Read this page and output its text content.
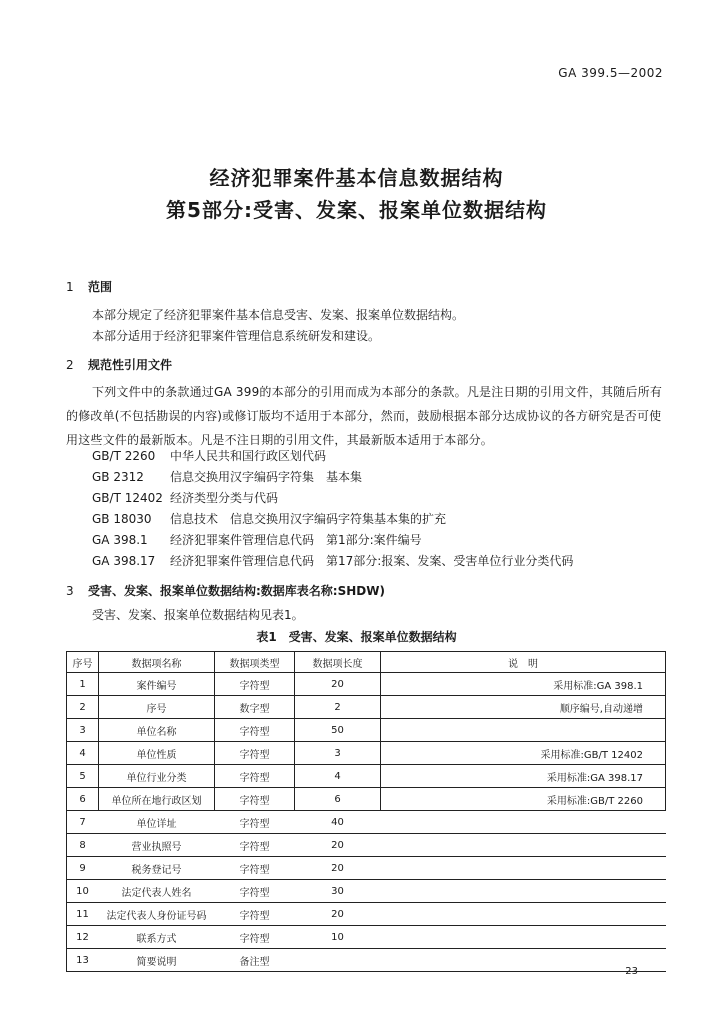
GA 399.5—2002
经济犯罪案件基本信息数据结构
第5部分:受害、发案、报案单位数据结构
1 范围
本部分规定了经济犯罪案件基本信息受害、发案、报案单位数据结构。
本部分适用于经济犯罪案件管理信息系统研发和建设。
2 规范性引用文件
下列文件中的条款通过GA 399的本部分的引用而成为本部分的条款。凡是注日期的引用文件，其随后所有的修改单(不包括勘误的内容)或修订版均不适用于本部分，然而，鼓励根据本部分达成协议的各方研究是否可使用这些文件的最新版本。凡是不注日期的引用文件，其最新版本适用于本部分。
GB/T 2260 中华人民共和国行政区划代码
GB 2312 信息交换用汉字编码字符集　基本集
GB/T 12402 经济类型分类与代码
GB 18030 信息技术　信息交换用汉字编码字符集基本集的扩充
GA 398.1 经济犯罪案件管理信息代码　第1部分:案件编号
GA 398.17 经济犯罪案件管理信息代码　第17部分:报案、发案、受害单位行业分类代码
3 受害、发案、报案单位数据结构:数据库表名称:SHDW)
受害、发案、报案单位数据结构见表1。
表1　受害、发案、报案单位数据结构
序号	数据项名称	数据项类型	数据项长度	说　明
1	案件编号	字符型	20	采用标准:GA 398.1
2	序号	数字型	2	顺序编号,自动递增
3	单位名称	字符型	50	
4	单位性质	字符型	3	采用标准:GB/T 12402
5	单位行业分类	字符型	4	采用标准:GA 398.17
6	单位所在地行政区划	字符型	6	采用标准:GB/T 2260
7	单位详址	字符型	40	
8	营业执照号	字符型	20	
9	税务登记号	字符型	20	
10	法定代表人姓名	字符型	30	
11	法定代表人身份证号码	字符型	20	
12	联系方式	字符型	10	
13	简要说明	备注型		
23
